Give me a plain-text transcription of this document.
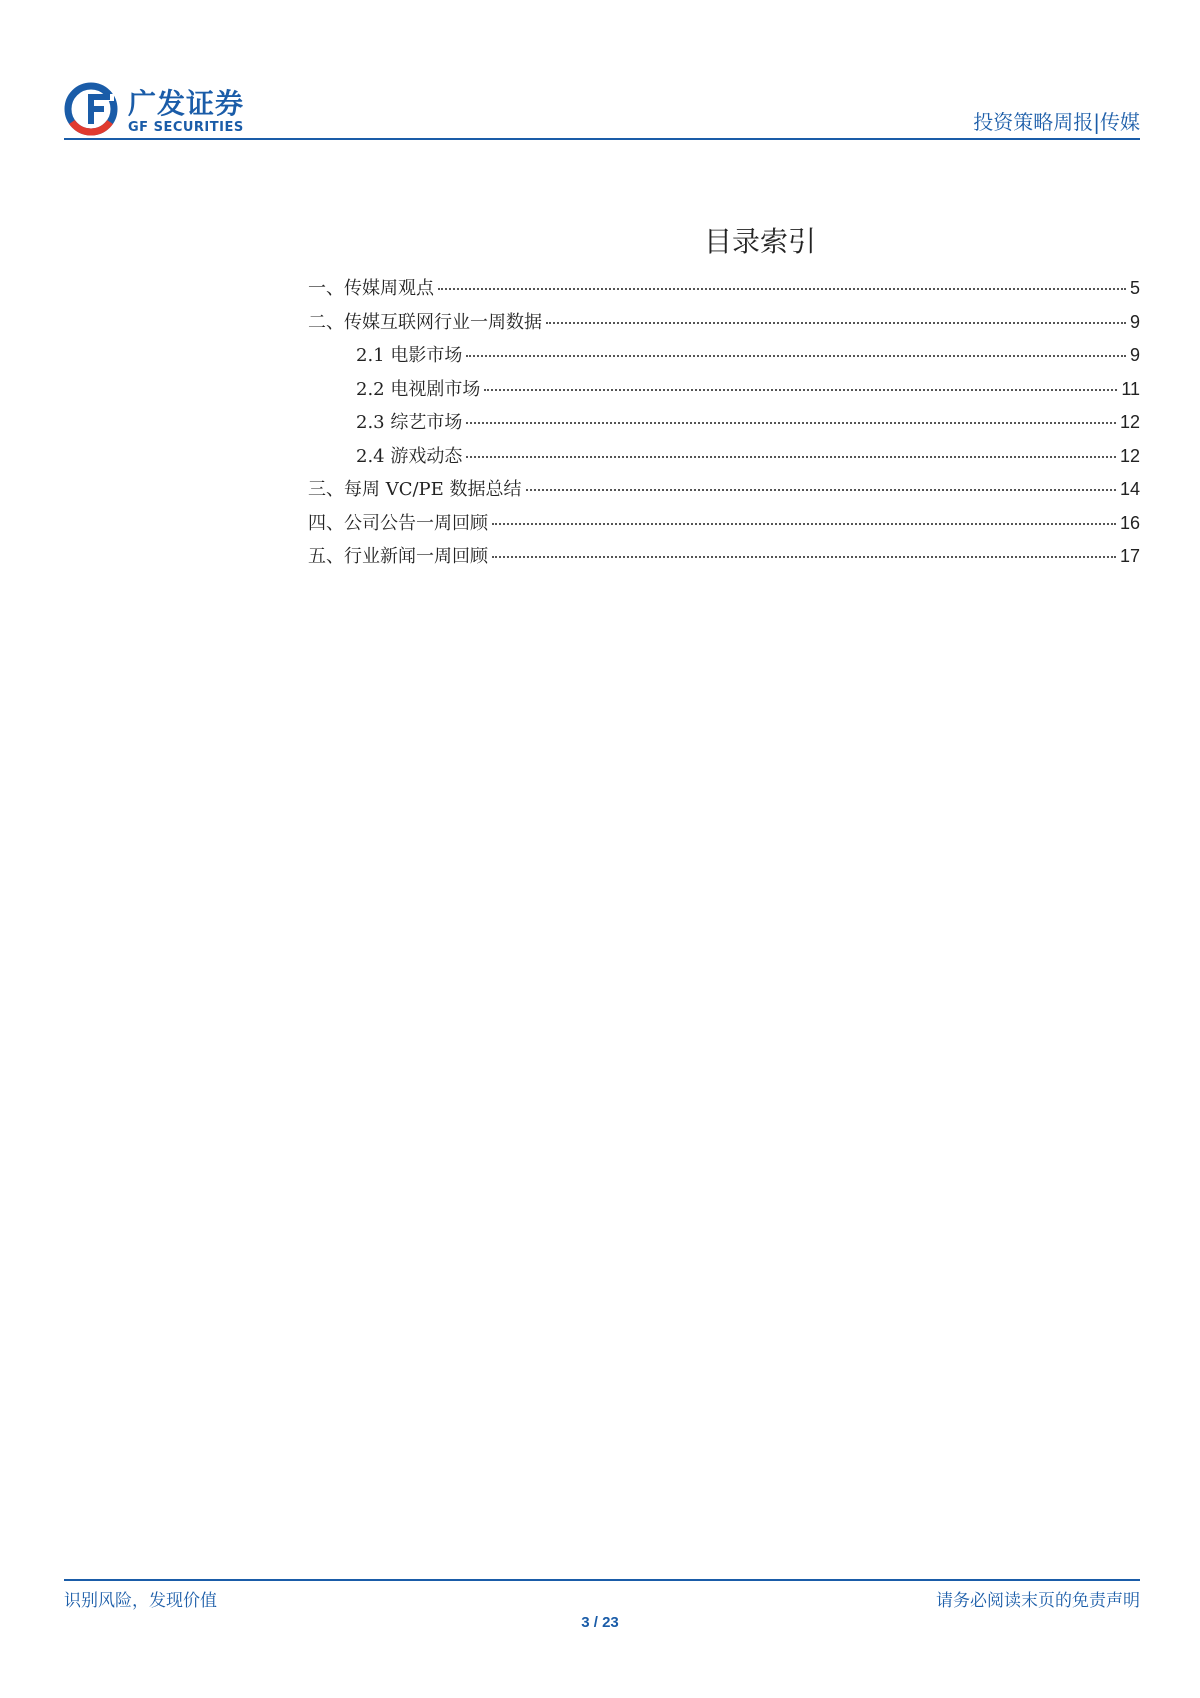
广发证券
GF SECURITIES	投资策略周报|传媒
目录索引
一、传媒周观点	5
二、传媒互联网行业一周数据	9
2.1 电影市场	9
2.2 电视剧市场	11
2.3 综艺市场	12
2.4 游戏动态	12
三、每周 VC/PE 数据总结	14
四、公司公告一周回顾	16
五、行业新闻一周回顾	17
识别风险，发现价值	请务必阅读末页的免责声明
3 / 23
